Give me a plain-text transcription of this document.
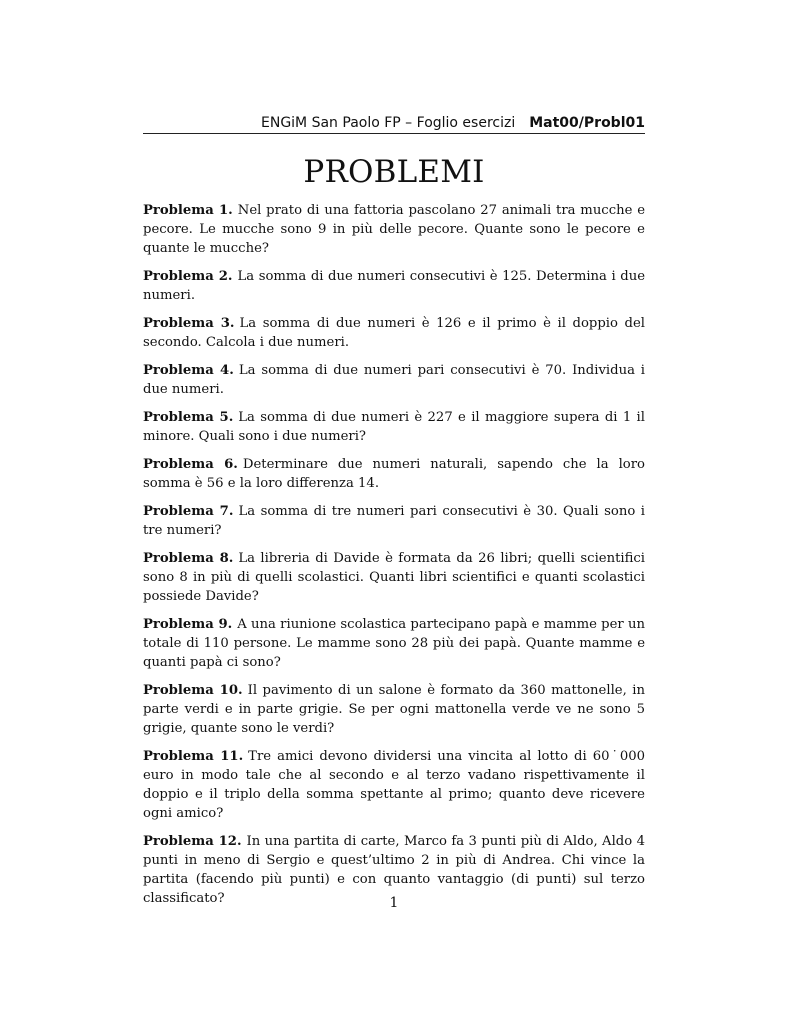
ENGiM San Paolo FP – Foglio esercizi Mat00/Probl01
PROBLEMI

Problema 1. Nel prato di una fattoria pascolano 27 animali tra mucche e pecore. Le mucche sono 9 in più delle pecore. Quante sono le pecore e quante le mucche?

Problema 2. La somma di due numeri consecutivi è 125. Determina i due numeri.

Problema 3. La somma di due numeri è 126 e il primo è il doppio del secondo. Calcola i due numeri.

Problema 4. La somma di due numeri pari consecutivi è 70. Individua i due numeri.

Problema 5. La somma di due numeri è 227 e il maggiore supera di 1 il minore. Quali sono i due numeri?

Problema 6. Determinare due numeri naturali, sapendo che la loro somma è 56 e la loro differenza 14.

Problema 7. La somma di tre numeri pari consecutivi è 30. Quali sono i tre numeri?

Problema 8. La libreria di Davide è formata da 26 libri; quelli scientifici sono 8 in più di quelli scolastici. Quanti libri scientifici e quanti scolastici possiede Davide?

Problema 9. A una riunione scolastica partecipano papà e mamme per un totale di 110 persone. Le mamme sono 28 più dei papà. Quante mamme e quanti papà ci sono?

Problema 10. Il pavimento di un salone è formato da 360 mattonelle, in parte verdi e in parte grigie. Se per ogni mattonella verde ve ne sono 5 grigie, quante sono le verdi?

Problema 11. Tre amici devono dividersi una vincita al lotto di 60˙000 euro in modo tale che al secondo e al terzo vadano rispettivamente il doppio e il triplo della somma spettante al primo; quanto deve ricevere ogni amico?

Problema 12. In una partita di carte, Marco fa 3 punti più di Aldo, Aldo 4 punti in meno di Sergio e quest’ultimo 2 in più di Andrea. Chi vince la partita (facendo più punti) e con quanto vantaggio (di punti) sul terzo classificato?	1
